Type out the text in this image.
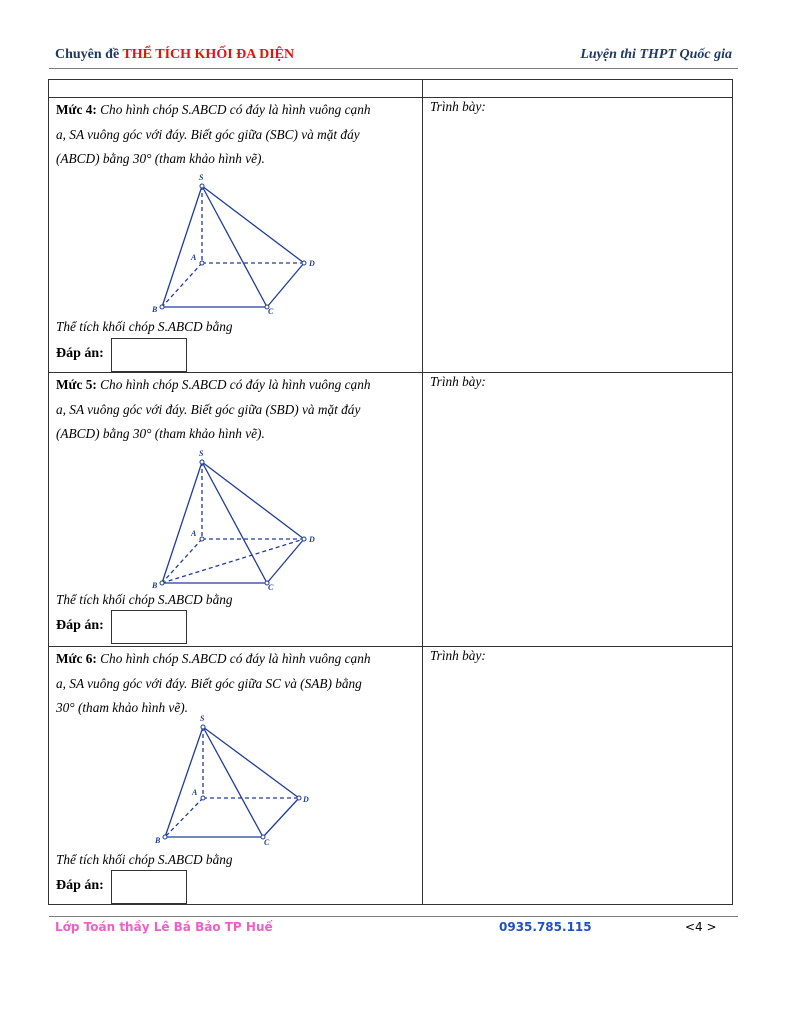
Chuyên đề THỂ TÍCH KHỐI ĐA DIỆN	Luyện thi THPT Quốc gia
Mức 4: Cho hình chóp S.ABCD có đáy là hình vuông cạnh
a, SA vuông góc với đáy. Biết góc giữa (SBC) và mặt đáy
(ABCD) bằng 30° (tham khảo hình vẽ).
S
A
B	C
D
Thể tích khối chóp S.ABCD bằng
Đáp án:
Trình bày:
Mức 5: Cho hình chóp S.ABCD có đáy là hình vuông cạnh
a, SA vuông góc với đáy. Biết góc giữa (SBD) và mặt đáy
(ABCD) bằng 30° (tham khảo hình vẽ).
S
A
B	C
D
Thể tích khối chóp S.ABCD bằng
Đáp án:
Trình bày:
Mức 6: Cho hình chóp S.ABCD có đáy là hình vuông cạnh
a, SA vuông góc với đáy. Biết góc giữa SC và (SAB) bằng
30° (tham khảo hình vẽ).
S
A
B	C
D
Thể tích khối chóp S.ABCD bằng
Đáp án:
Trình bày:
Lớp Toán thầy Lê Bá Bảo TP Huế	0935.785.115	<4 >
